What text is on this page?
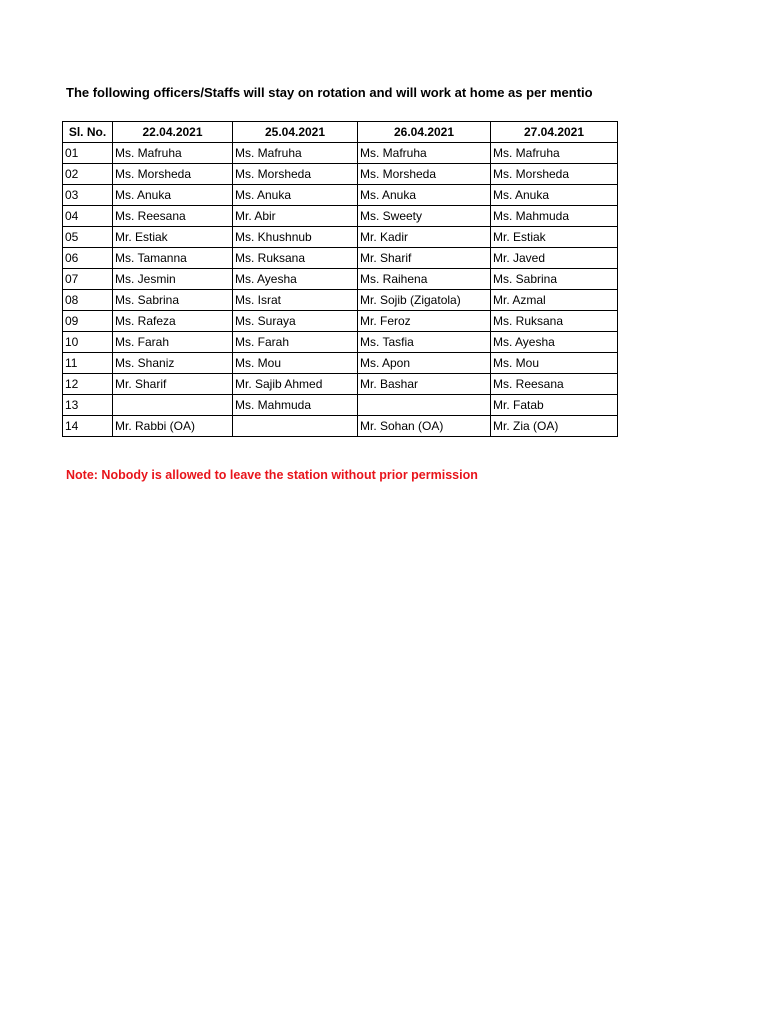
The following officers/Staffs will stay on rotation and will work at home as per mentio
Sl. No.	22.04.2021	25.04.2021	26.04.2021	27.04.2021
01	Ms. Mafruha	Ms. Mafruha	Ms. Mafruha	Ms. Mafruha
02	Ms. Morsheda	Ms. Morsheda	Ms. Morsheda	Ms. Morsheda
03	Ms. Anuka	Ms. Anuka	Ms. Anuka	Ms. Anuka
04	Ms. Reesana	Mr. Abir	Ms. Sweety	Ms. Mahmuda
05	Mr. Estiak	Ms. Khushnub	Mr. Kadir	Mr. Estiak
06	Ms. Tamanna	Ms. Ruksana	Mr. Sharif	Mr. Javed
07	Ms. Jesmin	Ms. Ayesha	Ms. Raihena	Ms. Sabrina
08	Ms. Sabrina	Ms. Israt	Mr. Sojib (Zigatola)	Mr. Azmal
09	Ms. Rafeza	Ms. Suraya	Mr. Feroz	Ms. Ruksana
10	Ms. Farah	Ms. Farah	Ms. Tasfia	Ms. Ayesha
11	Ms. Shaniz	Ms. Mou	Ms. Apon	Ms. Mou
12	Mr. Sharif	Mr. Sajib Ahmed	Mr. Bashar	Ms. Reesana
13		Ms. Mahmuda		Mr. Fatab
14	Mr. Rabbi (OA)		Mr. Sohan (OA)	Mr. Zia (OA)
Note: Nobody is allowed to leave the station without prior permission
